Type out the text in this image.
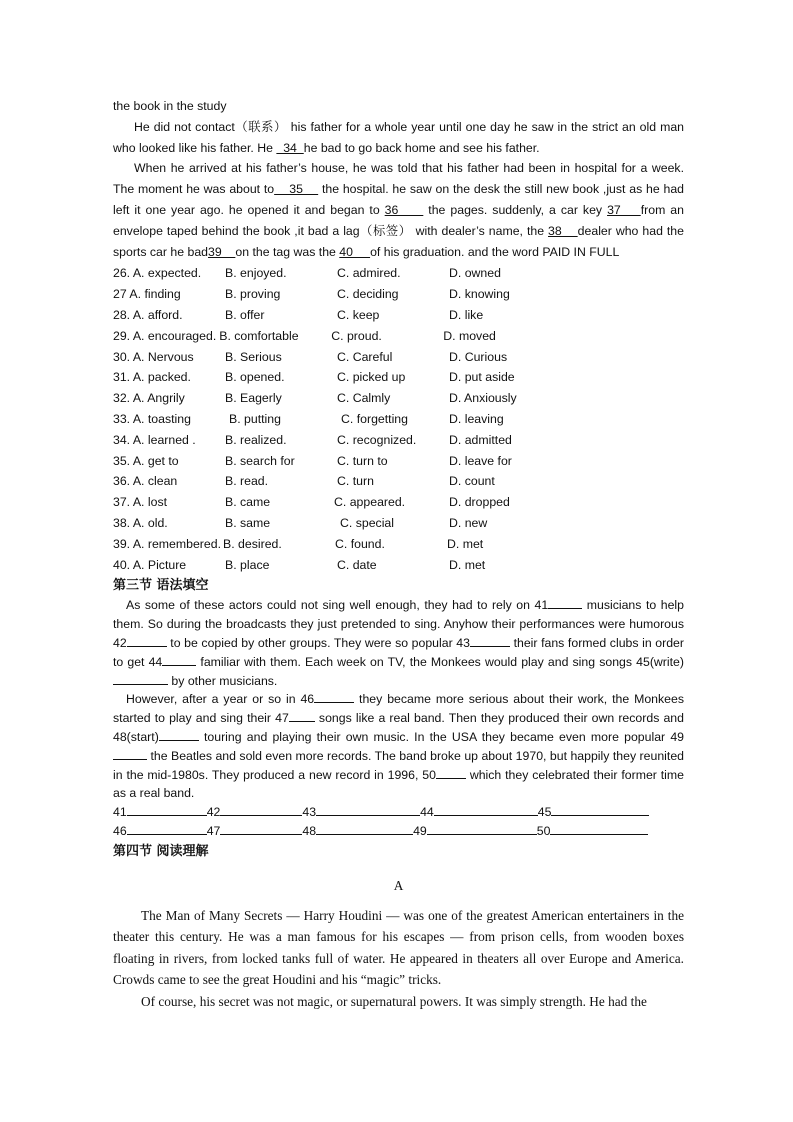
the book in the study

He did not contact（联系） his father for a whole year until one day he saw in the strict an old man who looked like his father. He   34  he bad to go back home and see his father.

When he arrived at his father’s house, he was told that his father had been in hospital for a week. The moment he was about to    35     the hospital. he saw on the desk the still new book ,just as he had left it one year ago. he opened it and began to 36      the pages. suddenly, a car key 37    from an envelope taped behind the book ,it bad a lag（标签） with dealer’s name, the 38    dealer who had the sports car he bad39    on the tag was the 40     of his graduation. and the word PAID IN FULL

26. A. expected.	B. enjoyed.	C. admired.	D. owned
27 A. finding	B. proving	C. deciding	D. knowing
28. A. afford.	B. offer	C. keep	D. like
29. A. encouraged. B. comfortable	C. proud.	D. moved
30. A. Nervous	B. Serious	C. Careful	D. Curious
31. A. packed.	B. opened.	C. picked up	D. put aside
32. A. Angrily	B. Eagerly	C. Calmly	D. Anxiously
33. A. toasting	B. putting	C. forgetting	D. leaving
34. A. learned .	B. realized.	C. recognized.	D. admitted
35. A. get to	B. search for	C. turn to	D. leave for
36. A. clean	B. read.	C. turn	D. count
37. A. lost	B. came	C. appeared.	D. dropped
38. A. old.	B. same	C. special	D. new
39. A. remembered. B. desired.	C. found.	D. met
40. A. Picture	B. place	C. date	D. met
第三节 语法填空

As some of these actors could not sing well enough, they had to rely on 41	musicians to help them. So during the broadcasts they just pretended to sing. Anyhow their performances were humorous 42	to be copied by other groups. They were so popular 43	their fans formed clubs in order to get 44	familiar with them. Each week on TV, the Monkees would play and sing songs 45(write) by other musicians.

However, after a year or so in 46	they became more serious about their work, the Monkees started to play and sing their 47 songs like a real band. Then they produced their own records and 48(start)	touring and playing their own music. In the USA they became even more popular 49 the Beatles and sold even more records. The band broke up about 1970, but happily they reunited in the mid-1980s. They produced a new record in 1996, 50 which they celebrated their former time as a real band.

41	42	43	44	45
46	47	48	49	50
第四节 阅读理解
A

The Man of Many Secrets — Harry Houdini — was one of the greatest American entertainers in the theater this century. He was a man famous for his escapes — from prison cells, from wooden boxes floating in rivers, from locked tanks full of water. He appeared in theaters all over Europe and America. Crowds came to see the great Houdini and his “magic” tricks.

Of course, his secret was not magic, or supernatural powers. It was simply strength. He had the
